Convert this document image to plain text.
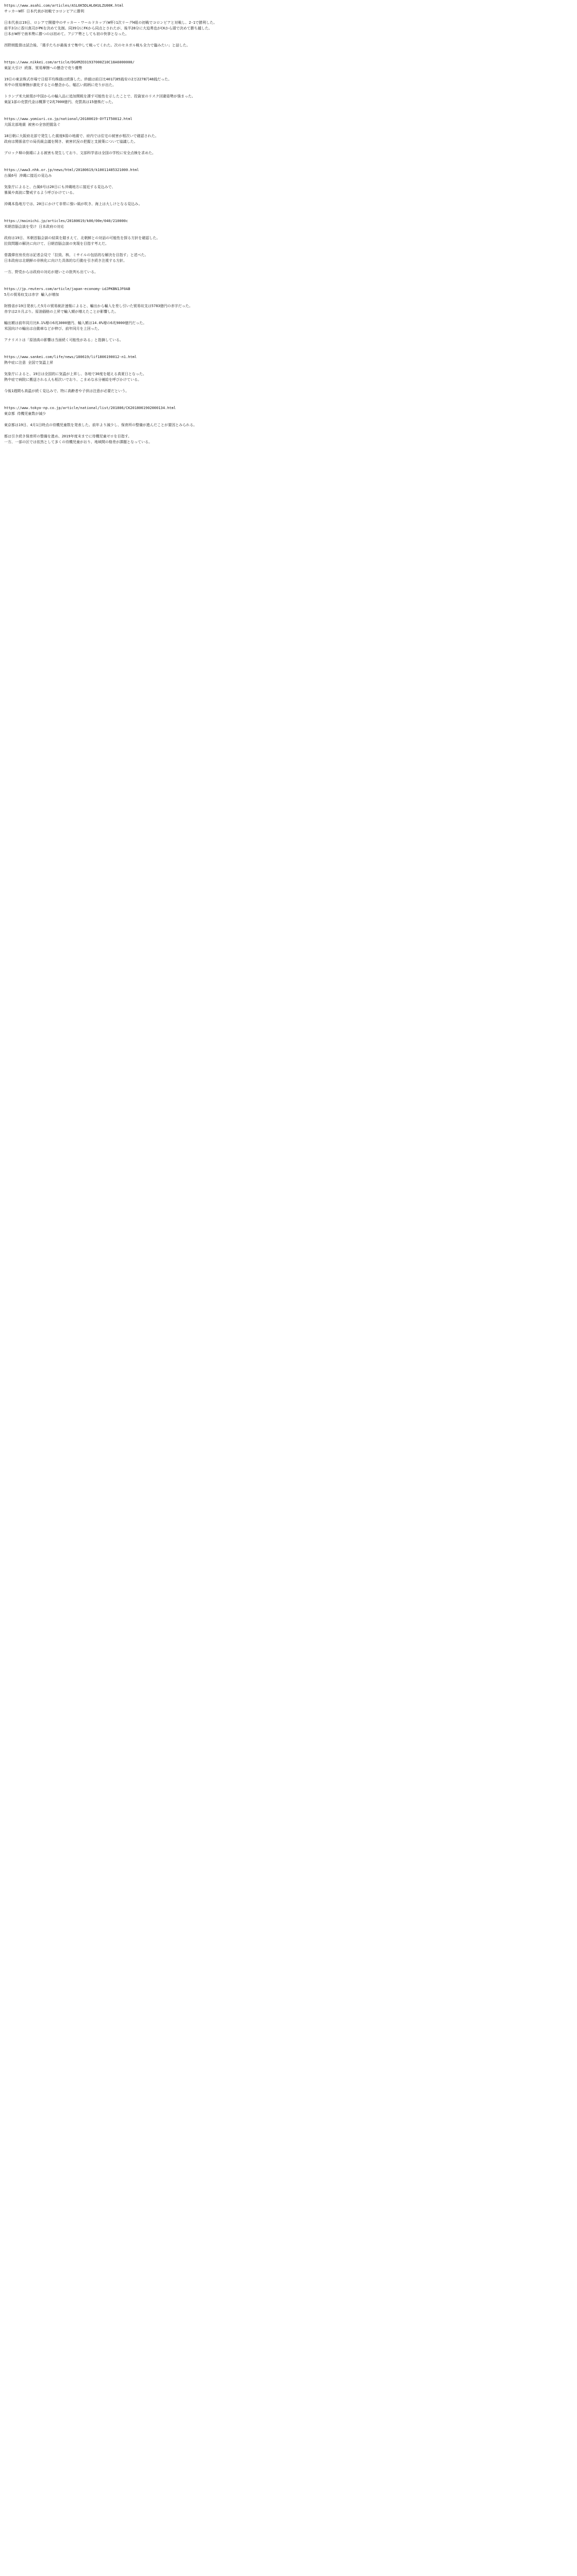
https://www.asahi.com/articles/ASL6K5DLHL6KULZU00K.html
サッカーW杯 日本代表が初戦でコロンビアに勝利
日本代表は19日、ロシアで開催中のサッカー・ワールドカップ(W杯)1次リーグH組の初戦でコロンビアと対戦し、2-1で勝利した。
前半3分に香川真司がPKを決めて先制。同39分にFKから同点とされたが、後半28分に大迫勇也がCKから頭で決めて勝ち越した。
日本がW杯で南米勢に勝つのは初めて。アジア勢としても初の快挙となった。
西野朗監督は試合後、「選手たちが最後まで集中して戦ってくれた。次のセネガル戦も全力で臨みたい」と話した。
https://www.nikkei.com/article/DGXMZO31937000Z10C18A6000000/
東証大引け 続落、貿易摩擦への懸念で売り優勢
19日の東京株式市場で日経平均株価は続落した。終値は前日比401円85銭安の2万2278円48銭だった。
米中の貿易摩擦が激化するとの懸念から、幅広い銘柄に売りが出た。
トランプ米大統領が中国からの輸入品に追加関税を課す可能性を示したことで、投資家のリスク回避姿勢が強まった。
東証1部の売買代金は概算で2兆7000億円、売買高は15億株だった。
https://www.yomiuri.co.jp/national/20180619-OYT1T50012.html
大阪北部地震 被害の全容把握急ぐ
18日朝に大阪府北部で発生した震度6弱の地震で、府内では住宅の被害が相次いで確認された。
政府は関係省庁の局長級会議を開き、被害状況の把握と支援策について協議した。
ブロック塀の倒壊による被害も発生しており、文部科学省は全国の学校に安全点検を求めた。
https://www3.nhk.or.jp/news/html/20180619/k10011485321000.html
台風6号 沖縄に接近の見込み
気象庁によると、台風6号は20日にも沖縄地方に接近する見込みで、
暴風や高波に警戒するよう呼びかけている。
沖縄本島地方では、20日にかけて非常に強い風が吹き、海上は大しけとなる見込み。
https://mainichi.jp/articles/20180619/k00/00e/040/210000c
米朝首脳会談を受け 日本政府の対応
政府は19日、米朝首脳会談の結果を踏まえて、北朝鮮との対話の可能性を探る方針を確認した。
拉致問題の解決に向けて、日朝首脳会談の実現を目指す考えだ。
菅義偉官房長官は記者会見で「拉致、核、ミサイルの包括的な解決を目指す」と述べた。
日本政府は北朝鮮の非核化に向けた具体的な行動を引き続き注視する方針。
一方、野党からは政府の対応が遅いとの批判も出ている。
https://jp.reuters.com/article/japan-economy-idJPKBN1JF0AB
5月の貿易収支は赤字 輸入が増加
財務省が19日発表した5月の貿易統計速報によると、輸出から輸入を差し引いた貿易収支は5783億円の赤字だった。
赤字は2カ月ぶり。原油価格の上昇で輸入額が増えたことが影響した。
輸出額は前年同月比8.1%増の6兆3000億円、輸入額は14.0%増の6兆9000億円だった。
米国向けの輸出は自動車などが伸び、前年同月を上回った。
アナリストは「原油高の影響は当面続く可能性がある」と指摘している。
https://www.sankei.com/life/news/180619/lif1806190012-n1.html
熱中症に注意 全国で気温上昇
気象庁によると、19日は全国的に気温が上昇し、各地で30度を超える真夏日となった。
熱中症で病院に搬送される人も相次いでおり、こまめな水分補給を呼びかけている。
今後1週間も高温が続く見込みで、特に高齢者や子供は注意が必要だという。
https://www.tokyo-np.co.jp/article/national/list/201806/CK2018061902000134.html
東京都 待機児童数が減少
東京都は19日、4月1日時点の待機児童数を発表した。前年より減少し、保育所の整備が進んだことが要因とみられる。
都は引き続き保育所の整備を進め、2019年度末までに待機児童ゼロを目指す。
一方、一部の区では依然として多くの待機児童がおり、地域間の格差が課題となっている。
